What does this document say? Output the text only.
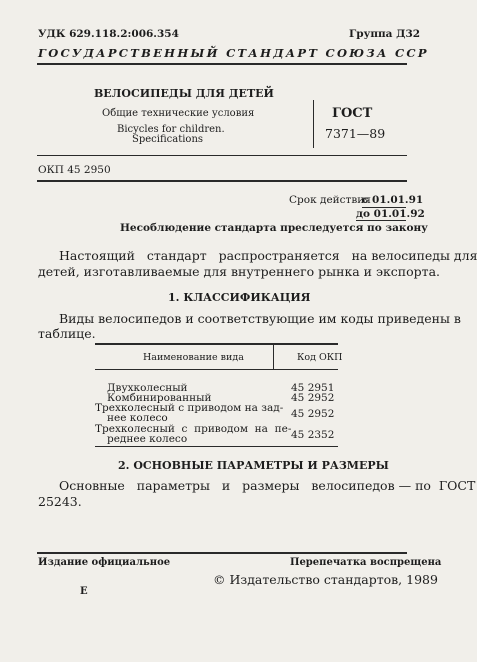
УДК 629.118.2:006.354	Группа Д32
ГОСУДАРСТВЕННЫЙ СТАНДАРТ СОЮЗА ССР
ВЕЛОСИПЕДЫ ДЛЯ ДЕТЕЙ
Общие технические условия
Bicycles for children.
Specifications
ГОСТ
7371—89
ОКП 45 2950
Срок действия
с 01.01.91
до 01.01.92
Несоблюдение стандарта преследуется по закону
Настоящий   стандарт   распространяется   на велосипеды для
детей, изготавливаемые для внутреннего рынка и экспорта.
1. КЛАССИФИКАЦИЯ
Виды велосипедов и соответствующие им коды приведены в
таблице.
Наименование вида	Код ОКП
Двухколесный	45 2951
Комбинированный	45 2952
Трехколесный с приводом на зад-
нее колесо	45 2952
Трехколесный  с  приводом  на  пе-
реднее колесо	45 2352
2. ОСНОВНЫЕ ПАРАМЕТРЫ И РАЗМЕРЫ
Основные   параметры   и   размеры   велосипедов — по  ГОСТ
25243.
Издание официальное	Перепечатка воспрещена
© Издательство стандартов, 1989
Е
